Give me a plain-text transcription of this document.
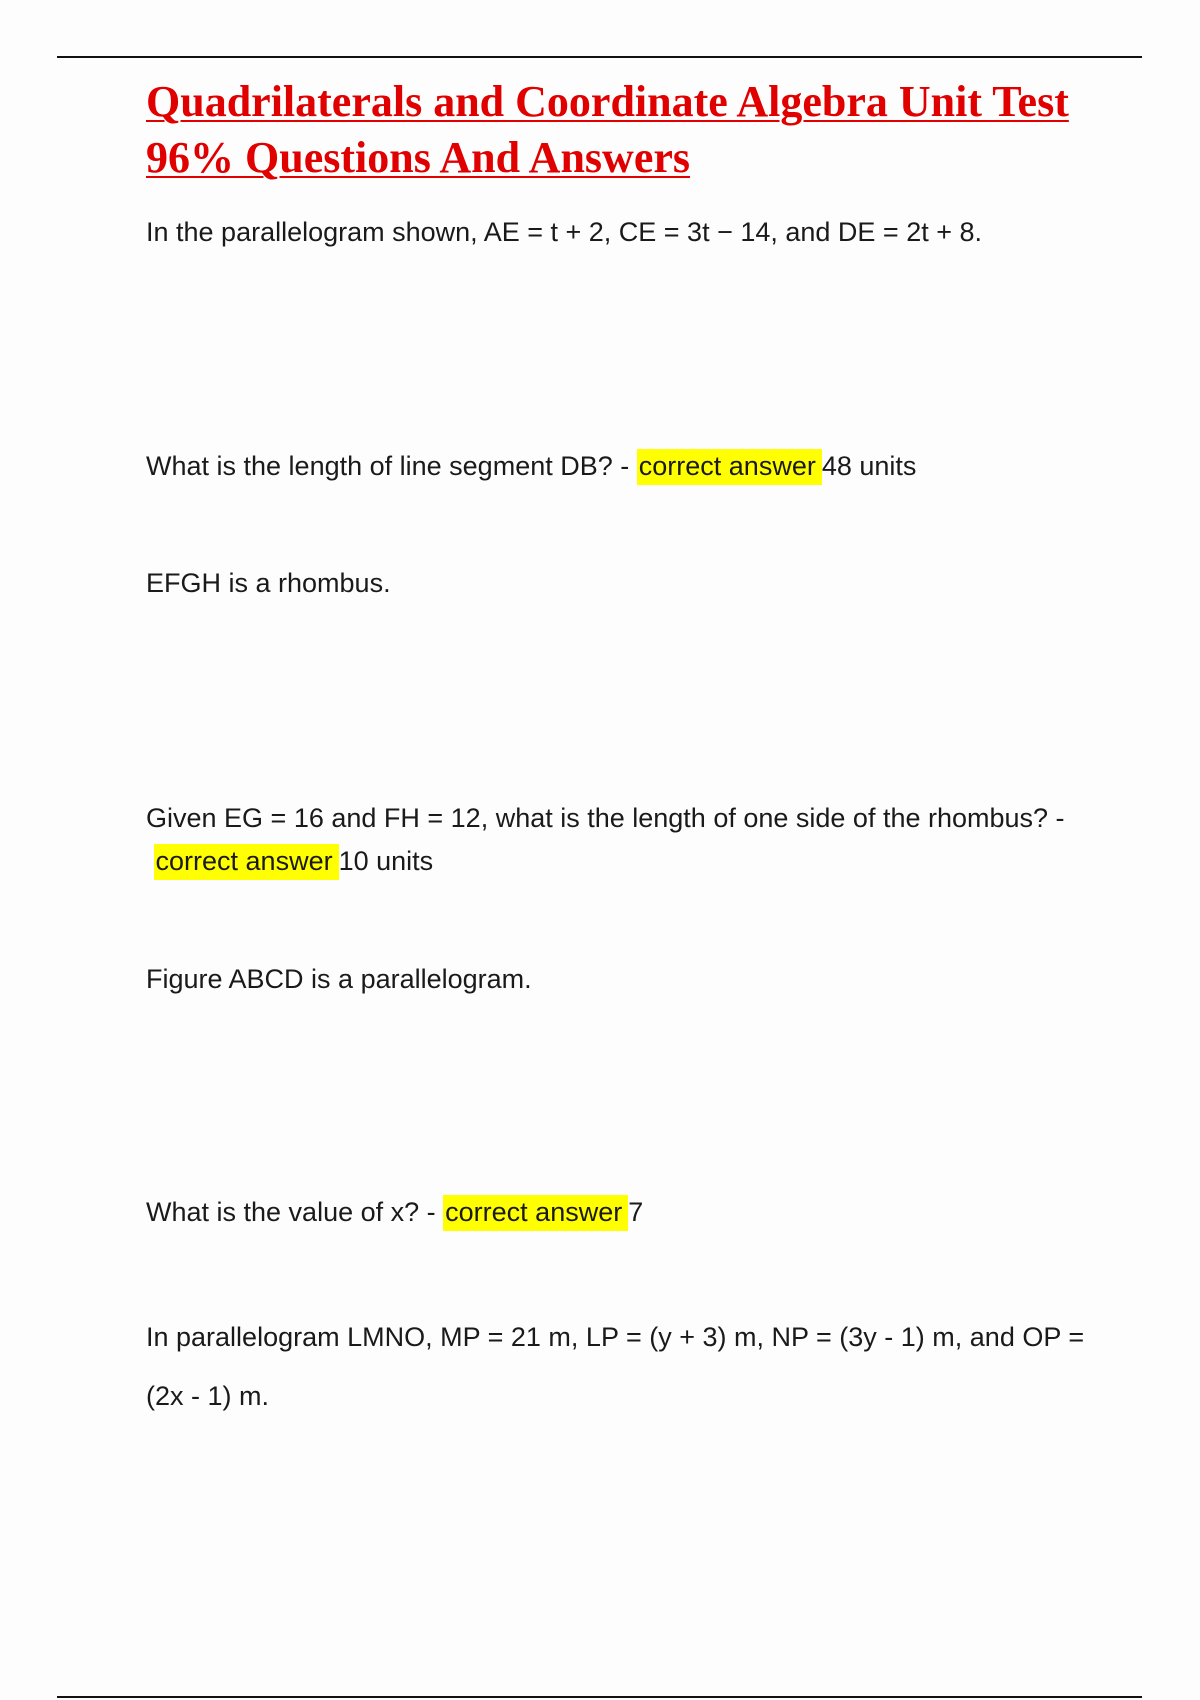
Quadrilaterals and Coordinate Algebra Unit Test 96% Questions And Answers

In the parallelogram shown, AE = t + 2, CE = 3t − 14, and DE = 2t + 8.

What is the length of line segment DB? - correct answer 48 units

EFGH is a rhombus.

Given EG = 16 and FH = 12, what is the length of one side of the rhombus? - correct answer 10 units

Figure ABCD is a parallelogram.

What is the value of x? - correct answer 7

In parallelogram LMNO, MP = 21 m, LP = (y + 3) m, NP = (3y - 1) m, and OP = (2x - 1) m.
